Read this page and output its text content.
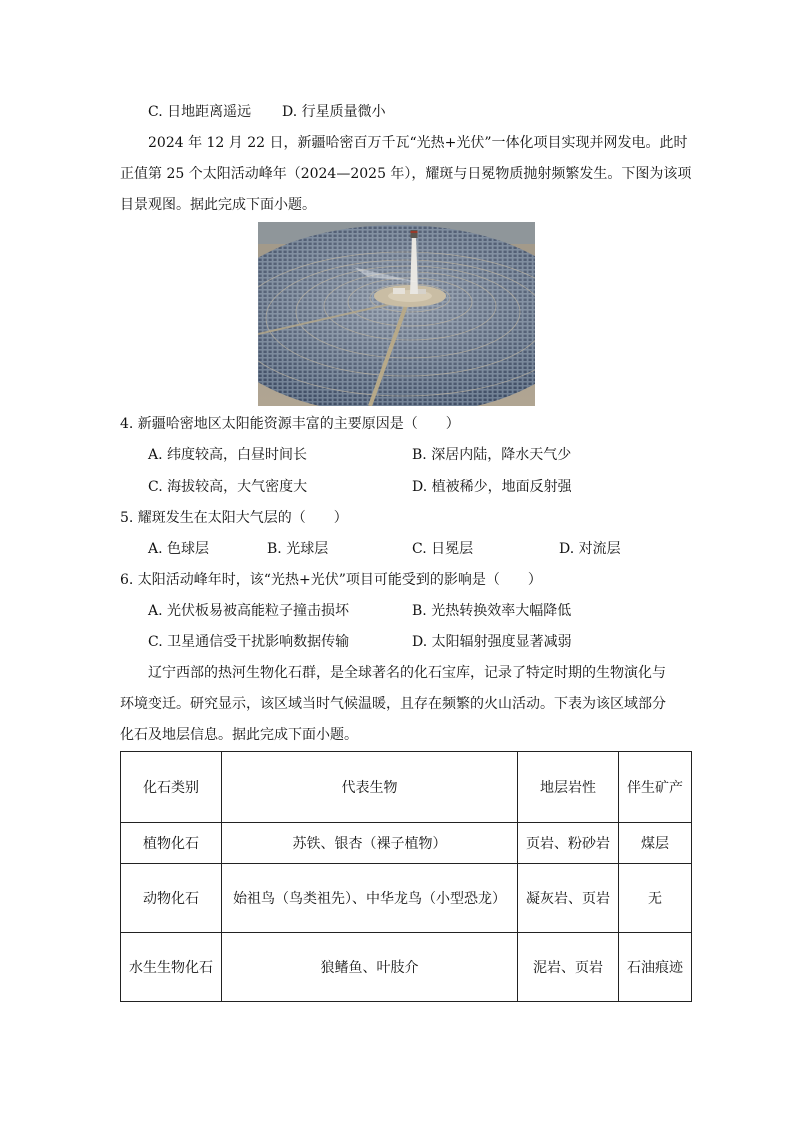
C. 日地距离遥远 D. 行星质量微小
2024 年 12 月 22 日，新疆哈密百万千瓦“光热+光伏”一体化项目实现并网发电。此时
正值第 25 个太阳活动峰年（2024—2025 年），耀斑与日冕物质抛射频繁发生。下图为该项
目景观图。据此完成下面小题。
4. 新疆哈密地区太阳能资源丰富的主要原因是（　　）
A. 纬度较高，白昼时间长	B. 深居内陆，降水天气少
C. 海拔较高，大气密度大	D. 植被稀少，地面反射强
5. 耀斑发生在太阳大气层的（　　）
A. 色球层	B. 光球层	C. 日冕层	D. 对流层
6. 太阳活动峰年时，该“光热+光伏”项目可能受到的影响是（　　）
A. 光伏板易被高能粒子撞击损坏	B. 光热转换效率大幅降低
C. 卫星通信受干扰影响数据传输	D. 太阳辐射强度显著减弱
辽宁西部的热河生物化石群，是全球著名的化石宝库，记录了特定时期的生物演化与
环境变迁。研究显示，该区域当时气候温暖，且存在频繁的火山活动。下表为该区域部分
化石及地层信息。据此完成下面小题。
化石类别	代表生物	地层岩性	伴生矿产
植物化石	苏铁、银杏（裸子植物）	页岩、粉砂岩	煤层
动物化石	始祖鸟（鸟类祖先）、中华龙鸟（小型恐龙）	凝灰岩、页岩	无
水生生物化石	狼鳍鱼、叶肢介	泥岩、页岩	石油痕迹
